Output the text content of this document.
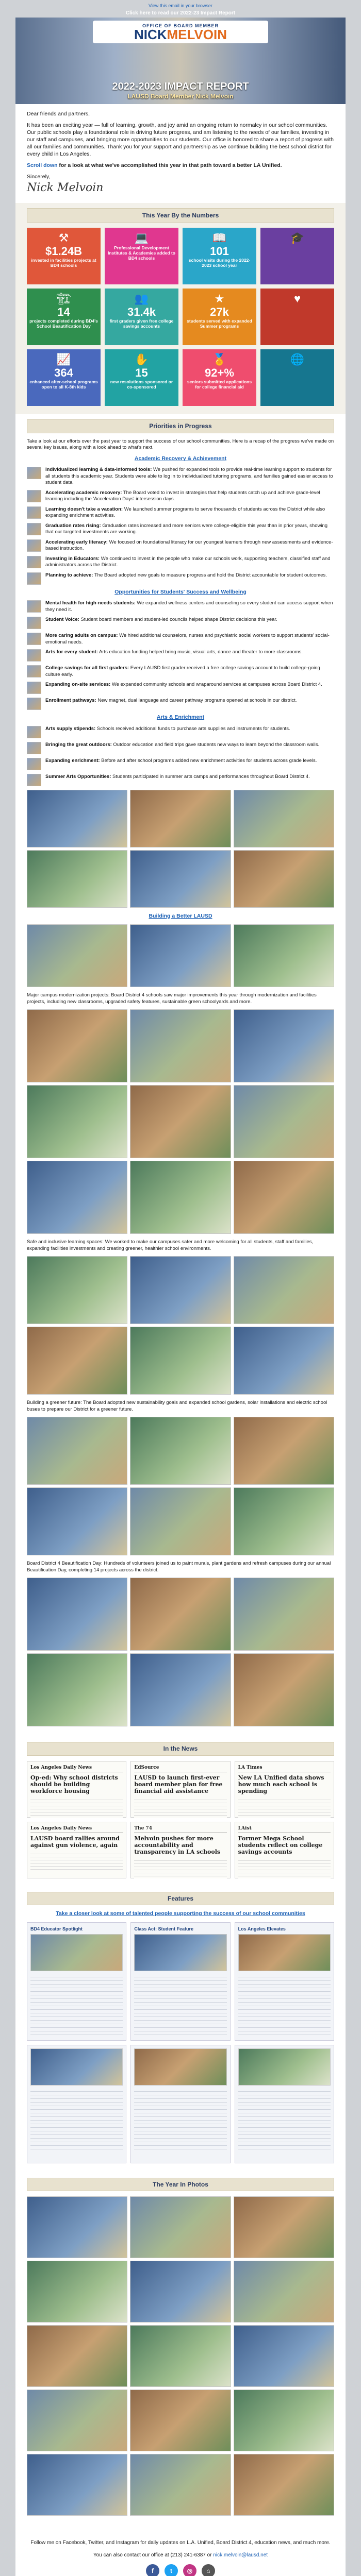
View this email in your browser
Click here to read our 2022-23 Impact Report
OFFICE OF BOARD MEMBER
NICKMELVOIN
2022-2023 IMPACT REPORT
LAUSD Board Member Nick Melvoin

Dear friends and partners,

It has been an exciting year — full of learning, growth, and joy amid an ongoing return to normalcy in our school communities. Our public schools play a foundational role in driving future progress, and am listening to the needs of our families, investing in our staff and campuses, and bringing more opportunities to our students. Our office is honored to share a report of progress with all our families and communities. Thank you for your support and partnership as we continue building the best school district for every child in Los Angeles.

Scroll down for a look at what we've accomplished this year in that path toward a better LA Unified.

Sincerely,

Nick Melvoin
This Year By the Numbers
⚒
$1.24B
invested in facilities projects at BD4 schools
💻
Professional Development Institutes & Academies added to BD4 schools
📖
101
school visits during the 2022-2023 school year
🎓
🏗
14
projects completed during BD4's School Beautification Day
👥
31.4k
first graders given free college savings accounts
★
27k
students served with expanded Summer programs
♥
📈
364
enhanced after-school programs open to all K-8th kids
✋
15
new resolutions sponsored or co-sponsored
🏅
92+%
seniors submitted applications for college financial aid
🌐
Priorities in Progress

Take a look at our efforts over the past year to support the success of our school communities. Here is a recap of the progress we've made on several key issues, along with a look ahead to what's next.

Academic Recovery & Achievement
Individualized learning & data-informed tools: We pushed for expanded tools to provide real-time learning support to students for all students this academic year. Students were able to log in to individualized tutoring programs, and families gained easier access to student data.
Accelerating academic recovery: The Board voted to invest in strategies that help students catch up and achieve grade-level learning including the 'Acceleration Days' intersession days.
Learning doesn't take a vacation: We launched summer programs to serve thousands of students across the District while also expanding enrichment activities.
Graduation rates rising: Graduation rates increased and more seniors were college-eligible this year than in prior years, showing that our targeted investments are working.
Accelerating early literacy: We focused on foundational literacy for our youngest learners through new assessments and evidence-based instruction.
Investing in Educators: We continued to invest in the people who make our schools work, supporting teachers, classified staff and administrators across the District.
Planning to achieve: The Board adopted new goals to measure progress and hold the District accountable for student outcomes.
Opportunities for Students' Success and Wellbeing
Mental health for high-needs students: We expanded wellness centers and counseling so every student can access support when they need it.
Student Voice: Student board members and student-led councils helped shape District decisions this year.
More caring adults on campus: We hired additional counselors, nurses and psychiatric social workers to support students' social-emotional needs.
Arts for every student: Arts education funding helped bring music, visual arts, dance and theater to more classrooms.
College savings for all first graders: Every LAUSD first grader received a free college savings account to build college-going culture early.
Expanding on-site services: We expanded community schools and wraparound services at campuses across Board District 4.
Enrollment pathways: New magnet, dual language and career pathway programs opened at schools in our district.
Arts & Enrichment
Arts supply stipends: Schools received additional funds to purchase arts supplies and instruments for students.
Bringing the great outdoors: Outdoor education and field trips gave students new ways to learn beyond the classroom walls.
Expanding enrichment: Before and after school programs added new enrichment activities for students across grade levels.
Summer Arts Opportunities: Students participated in summer arts camps and performances throughout Board District 4.
Building a Better LAUSD

Major campus modernization projects: Board District 4 schools saw major improvements this year through modernization and facilities projects, including new classrooms, upgraded safety features, sustainable green schoolyards and more.

Safe and inclusive learning spaces: We worked to make our campuses safer and more welcoming for all students, staff and families, expanding facilities investments and creating greener, healthier school environments.

Building a greener future: The Board adopted new sustainability goals and expanded school gardens, solar installations and electric school buses to prepare our District for a greener future.

Board District 4 Beautification Day: Hundreds of volunteers joined us to paint murals, plant gardens and refresh campuses during our annual Beautification Day, completing 14 projects across the district.

In the News
Los Angeles Daily News
Op-ed: Why school districts should be building workforce housing
EdSource
LAUSD to launch first-ever board member plan for free financial aid assistance
LA Times
New LA Unified data shows how much each school is spending
Los Angeles Daily News
LAUSD board rallies around against gun violence, again
The 74
Melvoin pushes for more accountability and transparency in LA schools
LAist
Former Mega School students reflect on college savings accounts
Features
Take a closer look at some of talented people supporting the success of our school communities
BD4 Educator Spotlight	Class Act: Student Feature	Los Angeles Elevates
The Year In Photos

Follow me on Facebook, Twitter, and Instagram for daily updates on L.A. Unified, Board District 4, education news, and much more.

You can also contact our office at (213) 241-6387 or nick.melvoin@lausd.net

f	t	◎	⌂
